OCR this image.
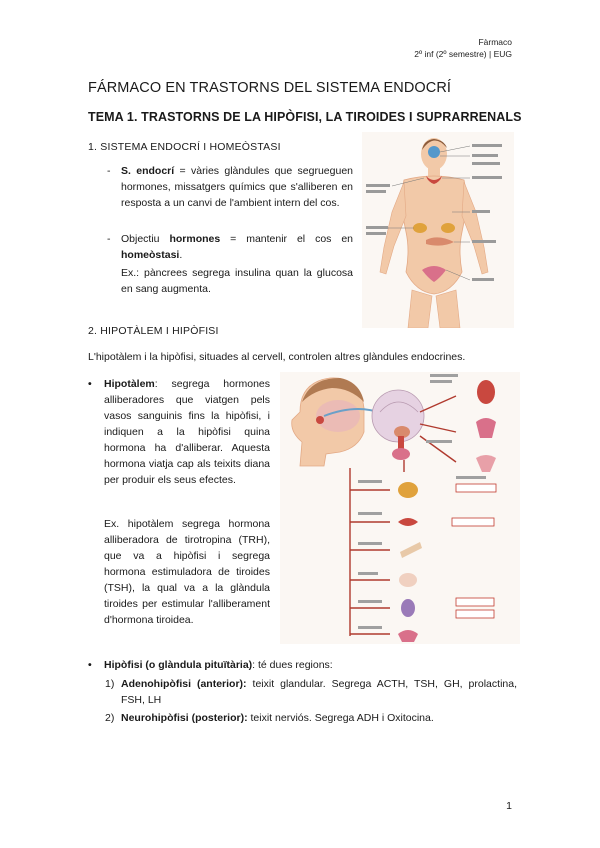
Fàrmaco
2º inf (2º semestre) | EUG
FÁRMACO EN TRASTORNS DEL SISTEMA ENDOCRÍ
TEMA 1. TRASTORNS DE LA HIPÒFISI, LA TIROIDES I SUPRARRENALS
1. SISTEMA ENDOCRÍ I HOMEÒSTASI
- S. endocrí = vàries glàndules que segrueguen hormones, missatgers químics que s'alliberen en resposta a un canvi de l'ambient intern del cos.
- Objectiu hormones = mantenir el cos en homeòstasi.
Ex.: pàncrees segrega insulina quan la glucosa en sang augmenta.
2. HIPOTÀLEM I HIPÒFISI
L'hipotàlem i la hipòfisi, situades al cervell, controlen altres glàndules endocrines.
• Hipotàlem: segrega hormones alliberadores que viatgen pels vasos sanguinis fins la hipòfisi, i indiquen a la hipòfisi quina hormona ha d'alliberar. Aquesta hormona viatja cap als teixits diana per produir els seus efectes.
Ex. hipotàlem segrega hormona alliberadora de tirotropina (TRH), que va a hipòfisi i segrega hormona estimuladora de tiroides (TSH), la qual va a la glàndula tiroides per estimular l'alliberament d'hormona tiroidea.
• Hipòfisi (o glàndula pituïtària): té dues regions:
1) Adenohipòfisi (anterior): teixit glandular. Segrega ACTH, TSH, GH, prolactina, FSH, LH
2) Neurohipòfisi (posterior): teixit nerviós. Segrega ADH i Oxitocina.
1
